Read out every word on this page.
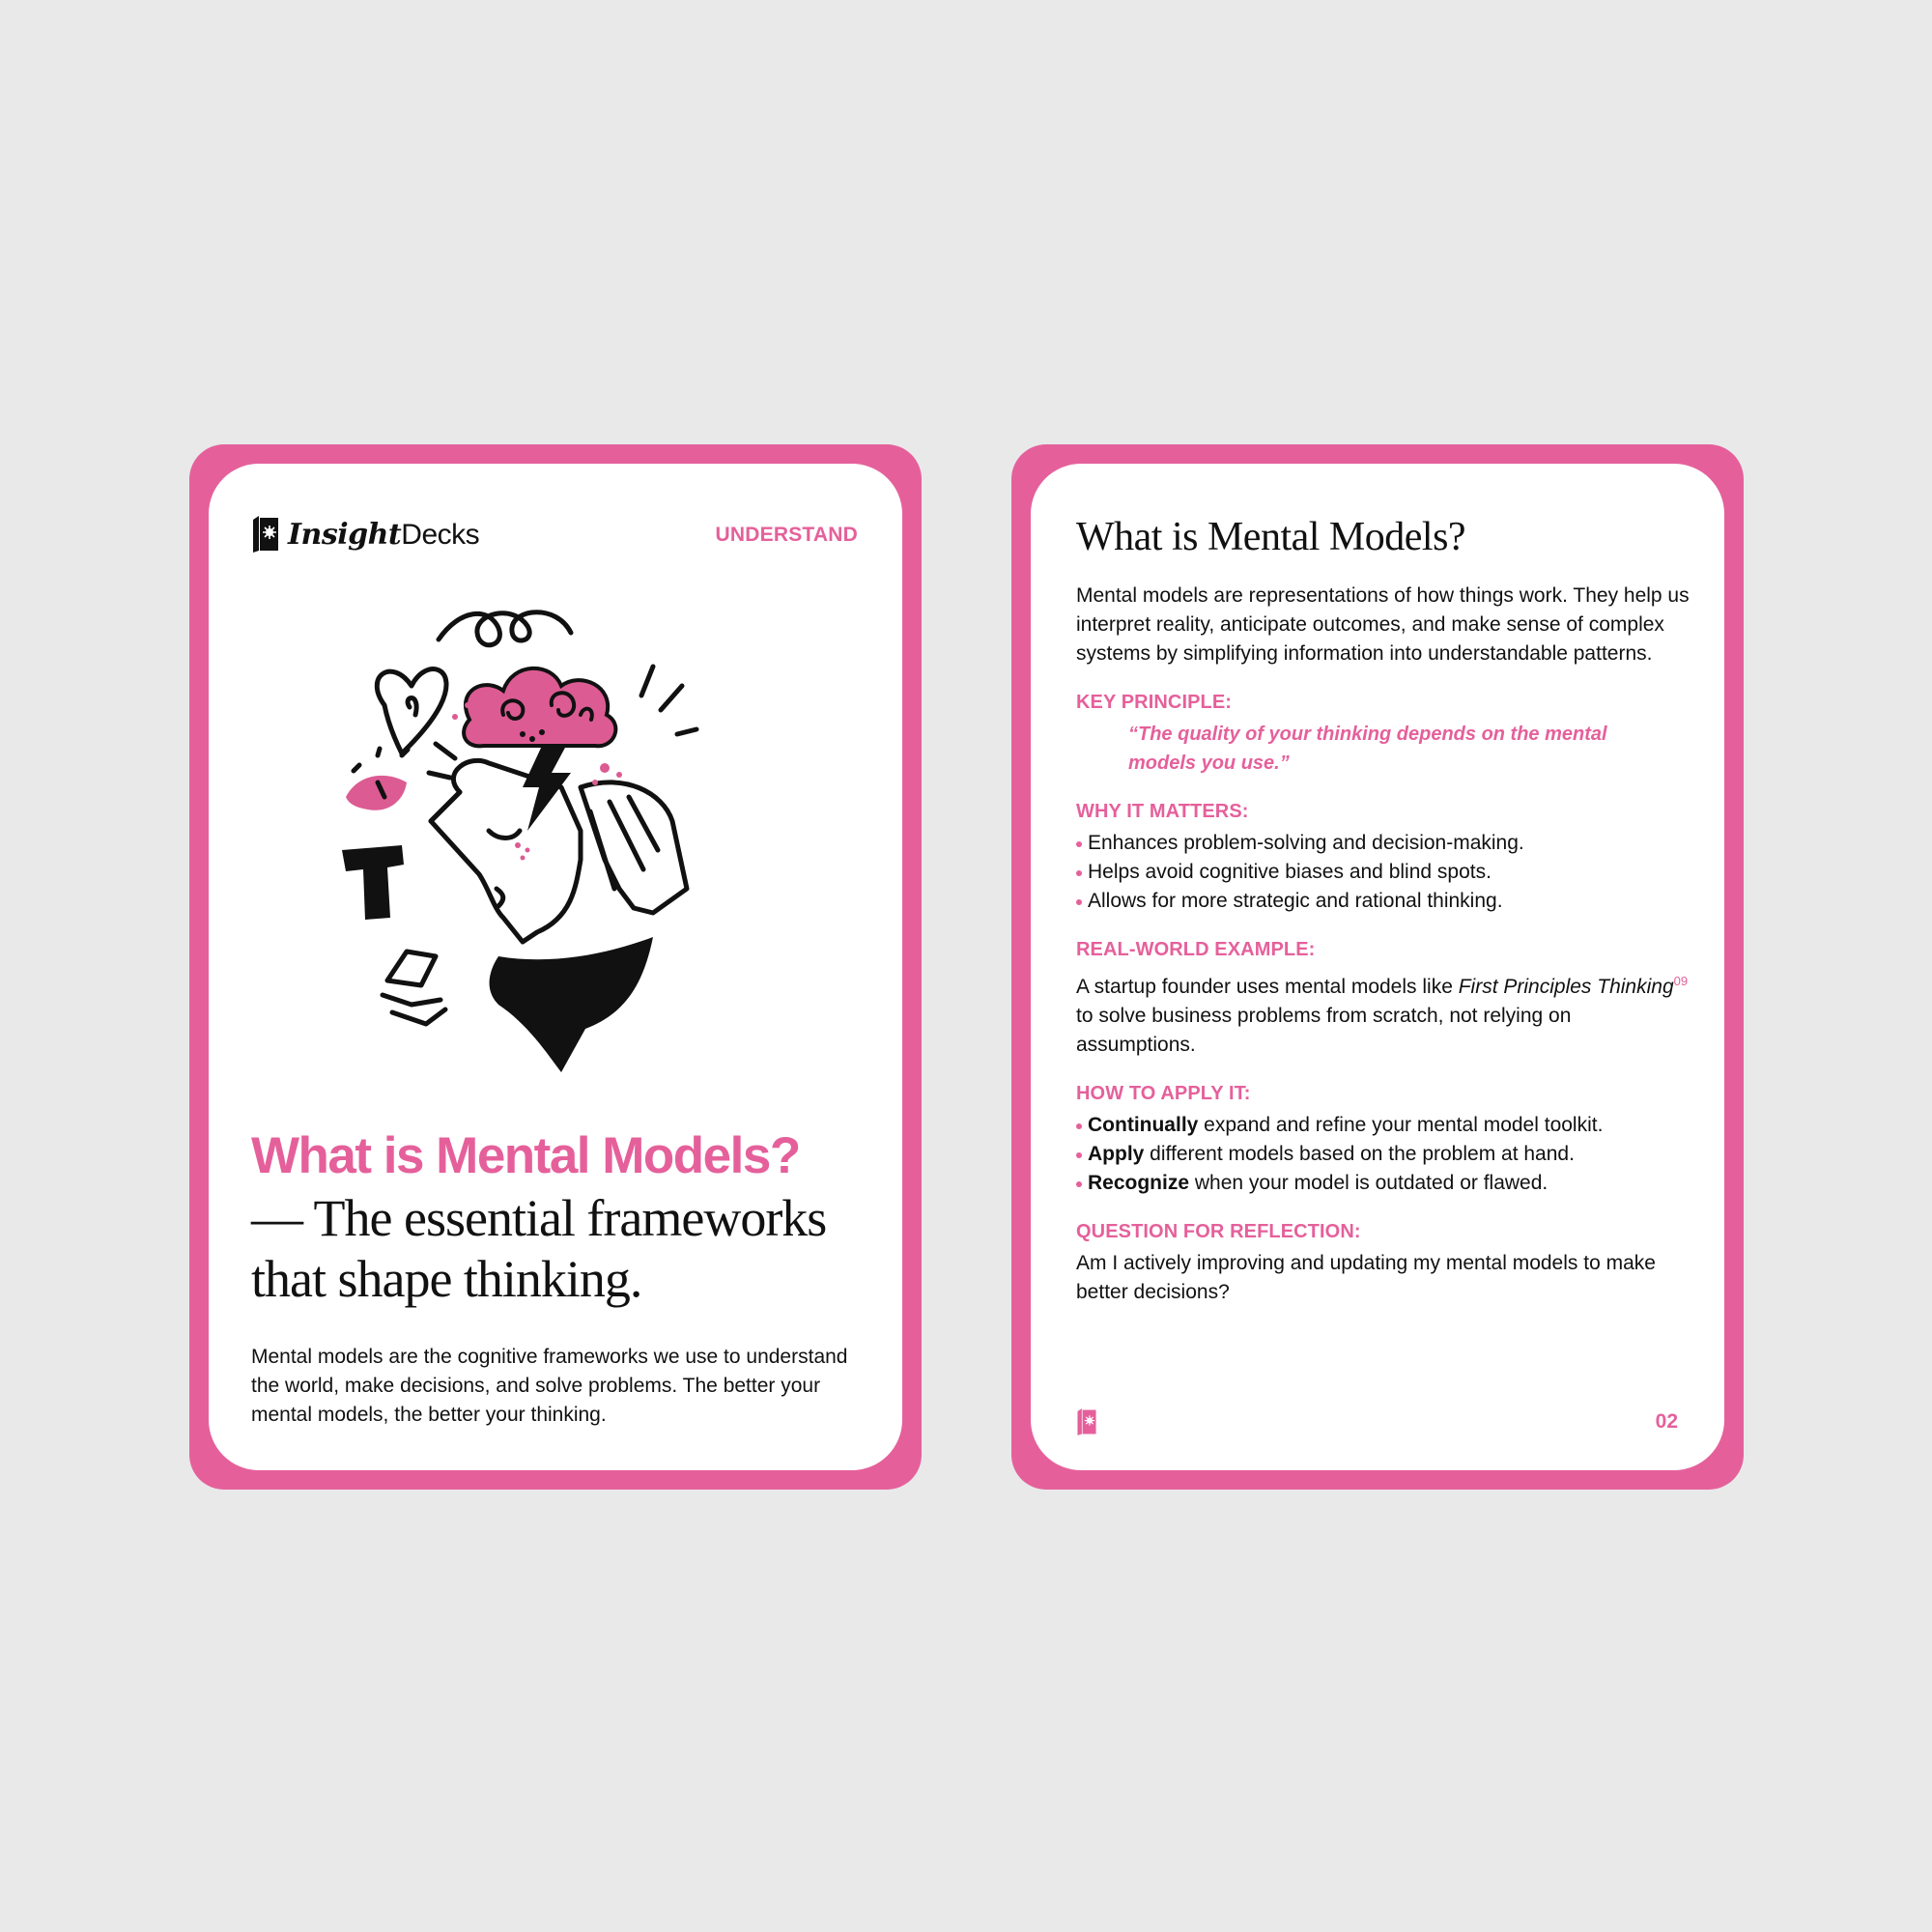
InsightDecks	UNDERSTAND
What is Mental Models?
— The essential frameworks
that shape thinking.
Mental models are the cognitive frameworks we use to understand the world, make decisions, and solve problems. The better your mental models, the better your thinking.
What is Mental Models?

Mental models are representations of how things work. They help us interpret reality, anticipate outcomes, and make sense of complex systems by simplifying information into understandable patterns.

KEY PRINCIPLE:

“The quality of your thinking depends on the mental models you use.”

WHY IT MATTERS:
Enhances problem-solving and decision-making.
Helps avoid cognitive biases and blind spots.
Allows for more strategic and rational thinking.
REAL-WORLD EXAMPLE:

A startup founder uses mental models like First Principles Thinking$^{09}$ to solve business problems from scratch, not relying on assumptions.

HOW TO APPLY IT:
Continually expand and refine your mental model toolkit.
Apply different models based on the problem at hand.
Recognize when your model is outdated or flawed.
QUESTION FOR REFLECTION:

Am I actively improving and updating my mental models to make better decisions?

02
